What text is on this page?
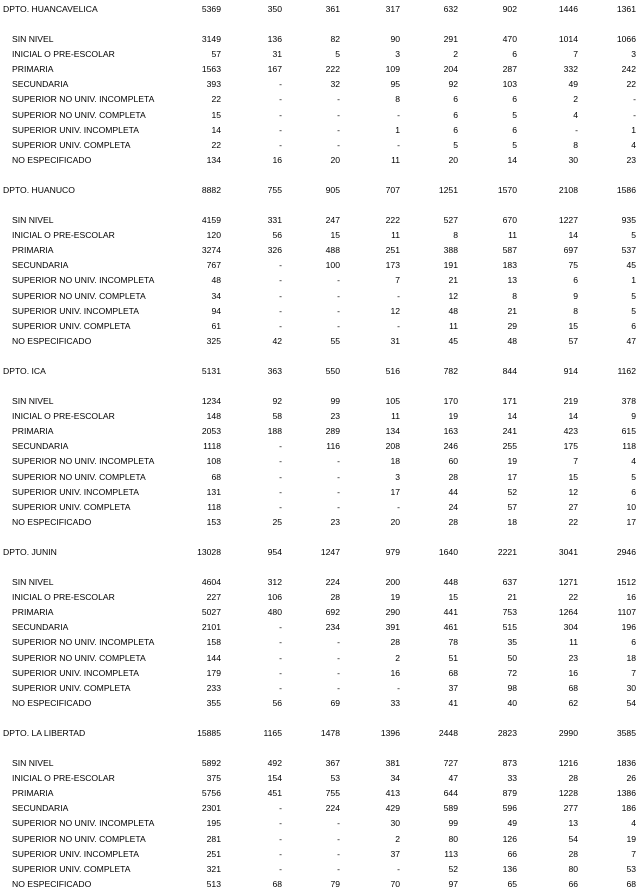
DPTO. HUANCAVELICA	5369	350	361	317	632	902	1446	1361
SIN NIVEL	3149	136	82	90	291	470	1014	1066
INICIAL O PRE-ESCOLAR	57	31	5	3	2	6	7	3
PRIMARIA	1563	167	222	109	204	287	332	242
SECUNDARIA	393	-	32	95	92	103	49	22
SUPERIOR NO UNIV. INCOMPLETA	22	-	-	8	6	6	2	-
SUPERIOR NO UNIV. COMPLETA	15	-	-	-	6	5	4	-
SUPERIOR UNIV. INCOMPLETA	14	-	-	1	6	6	-	1
SUPERIOR UNIV. COMPLETA	22	-	-	-	5	5	8	4
NO ESPECIFICADO	134	16	20	11	20	14	30	23
DPTO. HUANUCO	8882	755	905	707	1251	1570	2108	1586
SIN NIVEL	4159	331	247	222	527	670	1227	935
INICIAL O PRE-ESCOLAR	120	56	15	11	8	11	14	5
PRIMARIA	3274	326	488	251	388	587	697	537
SECUNDARIA	767	-	100	173	191	183	75	45
SUPERIOR NO UNIV. INCOMPLETA	48	-	-	7	21	13	6	1
SUPERIOR NO UNIV. COMPLETA	34	-	-	-	12	8	9	5
SUPERIOR UNIV. INCOMPLETA	94	-	-	12	48	21	8	5
SUPERIOR UNIV. COMPLETA	61	-	-	-	11	29	15	6
NO ESPECIFICADO	325	42	55	31	45	48	57	47
DPTO. ICA	5131	363	550	516	782	844	914	1162
SIN NIVEL	1234	92	99	105	170	171	219	378
INICIAL O PRE-ESCOLAR	148	58	23	11	19	14	14	9
PRIMARIA	2053	188	289	134	163	241	423	615
SECUNDARIA	1118	-	116	208	246	255	175	118
SUPERIOR NO UNIV. INCOMPLETA	108	-	-	18	60	19	7	4
SUPERIOR NO UNIV. COMPLETA	68	-	-	3	28	17	15	5
SUPERIOR UNIV. INCOMPLETA	131	-	-	17	44	52	12	6
SUPERIOR UNIV. COMPLETA	118	-	-	-	24	57	27	10
NO ESPECIFICADO	153	25	23	20	28	18	22	17
DPTO. JUNIN	13028	954	1247	979	1640	2221	3041	2946
SIN NIVEL	4604	312	224	200	448	637	1271	1512
INICIAL O PRE-ESCOLAR	227	106	28	19	15	21	22	16
PRIMARIA	5027	480	692	290	441	753	1264	1107
SECUNDARIA	2101	-	234	391	461	515	304	196
SUPERIOR NO UNIV. INCOMPLETA	158	-	-	28	78	35	11	6
SUPERIOR NO UNIV. COMPLETA	144	-	-	2	51	50	23	18
SUPERIOR UNIV. INCOMPLETA	179	-	-	16	68	72	16	7
SUPERIOR UNIV. COMPLETA	233	-	-	-	37	98	68	30
NO ESPECIFICADO	355	56	69	33	41	40	62	54
DPTO. LA LIBERTAD	15885	1165	1478	1396	2448	2823	2990	3585
SIN NIVEL	5892	492	367	381	727	873	1216	1836
INICIAL O PRE-ESCOLAR	375	154	53	34	47	33	28	26
PRIMARIA	5756	451	755	413	644	879	1228	1386
SECUNDARIA	2301	-	224	429	589	596	277	186
SUPERIOR NO UNIV. INCOMPLETA	195	-	-	30	99	49	13	4
SUPERIOR NO UNIV. COMPLETA	281	-	-	2	80	126	54	19
SUPERIOR UNIV. INCOMPLETA	251	-	-	37	113	66	28	7
SUPERIOR UNIV. COMPLETA	321	-	-	-	52	136	80	53
NO ESPECIFICADO	513	68	79	70	97	65	66	68
